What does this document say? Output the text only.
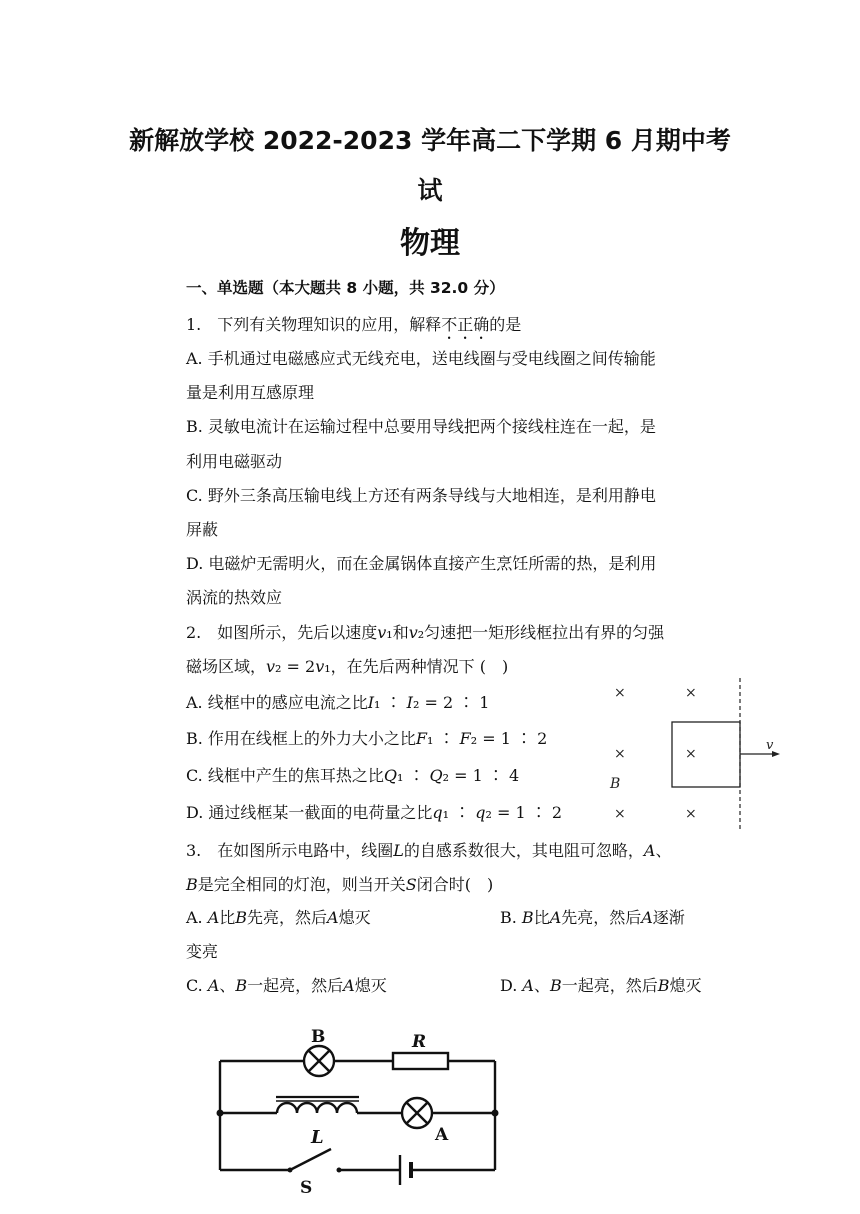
新解放学校 2022-2023 学年高二下学期 6 月期中考
试
物理
一、单选题（本大题共 8 小题，共 32.0 分）
1.　下列有关物理知识的应用，解释不正确的是
A. 手机通过电磁感应式无线充电，送电线圈与受电线圈之间传输能
量是利用互感原理
B. 灵敏电流计在运输过程中总要用导线把两个接线柱连在一起，是
利用电磁驱动
C. 野外三条高压输电线上方还有两条导线与大地相连，是利用静电
屏蔽
D. 电磁炉无需明火，而在金属锅体直接产生烹饪所需的热，是利用
涡流的热效应
2.　如图所示，先后以速度𝑣₁和𝑣₂匀速把一矩形线框拉出有界的匀强
磁场区域，𝑣₂ = 2𝑣₁，在先后两种情况下 (　)
A. 线框中的感应电流之比𝐼₁ ∶ 𝐼₂ = 2 ∶ 1
B. 作用在线框上的外力大小之比𝐹₁ ∶ 𝐹₂ = 1 ∶ 2
C. 线框中产生的焦耳热之比𝑄₁ ∶ 𝑄₂ = 1 ∶ 4
D. 通过线框某一截面的电荷量之比𝑞₁ ∶ 𝑞₂ = 1 ∶ 2
×	×
×	×
×	×
v
B
3.　在如图所示电路中，线圈𝐿的自感系数很大，其电阻可忽略，𝐴、
𝐵是完全相同的灯泡，则当开关𝑆闭合时(　)
A. 𝐴比𝐵先亮，然后𝐴熄灭	B. 𝐵比𝐴先亮，然后𝐴逐渐
变亮
C. 𝐴、𝐵一起亮，然后𝐴熄灭	D. 𝐴、𝐵一起亮，然后𝐵熄灭
B	R
L	A
S
